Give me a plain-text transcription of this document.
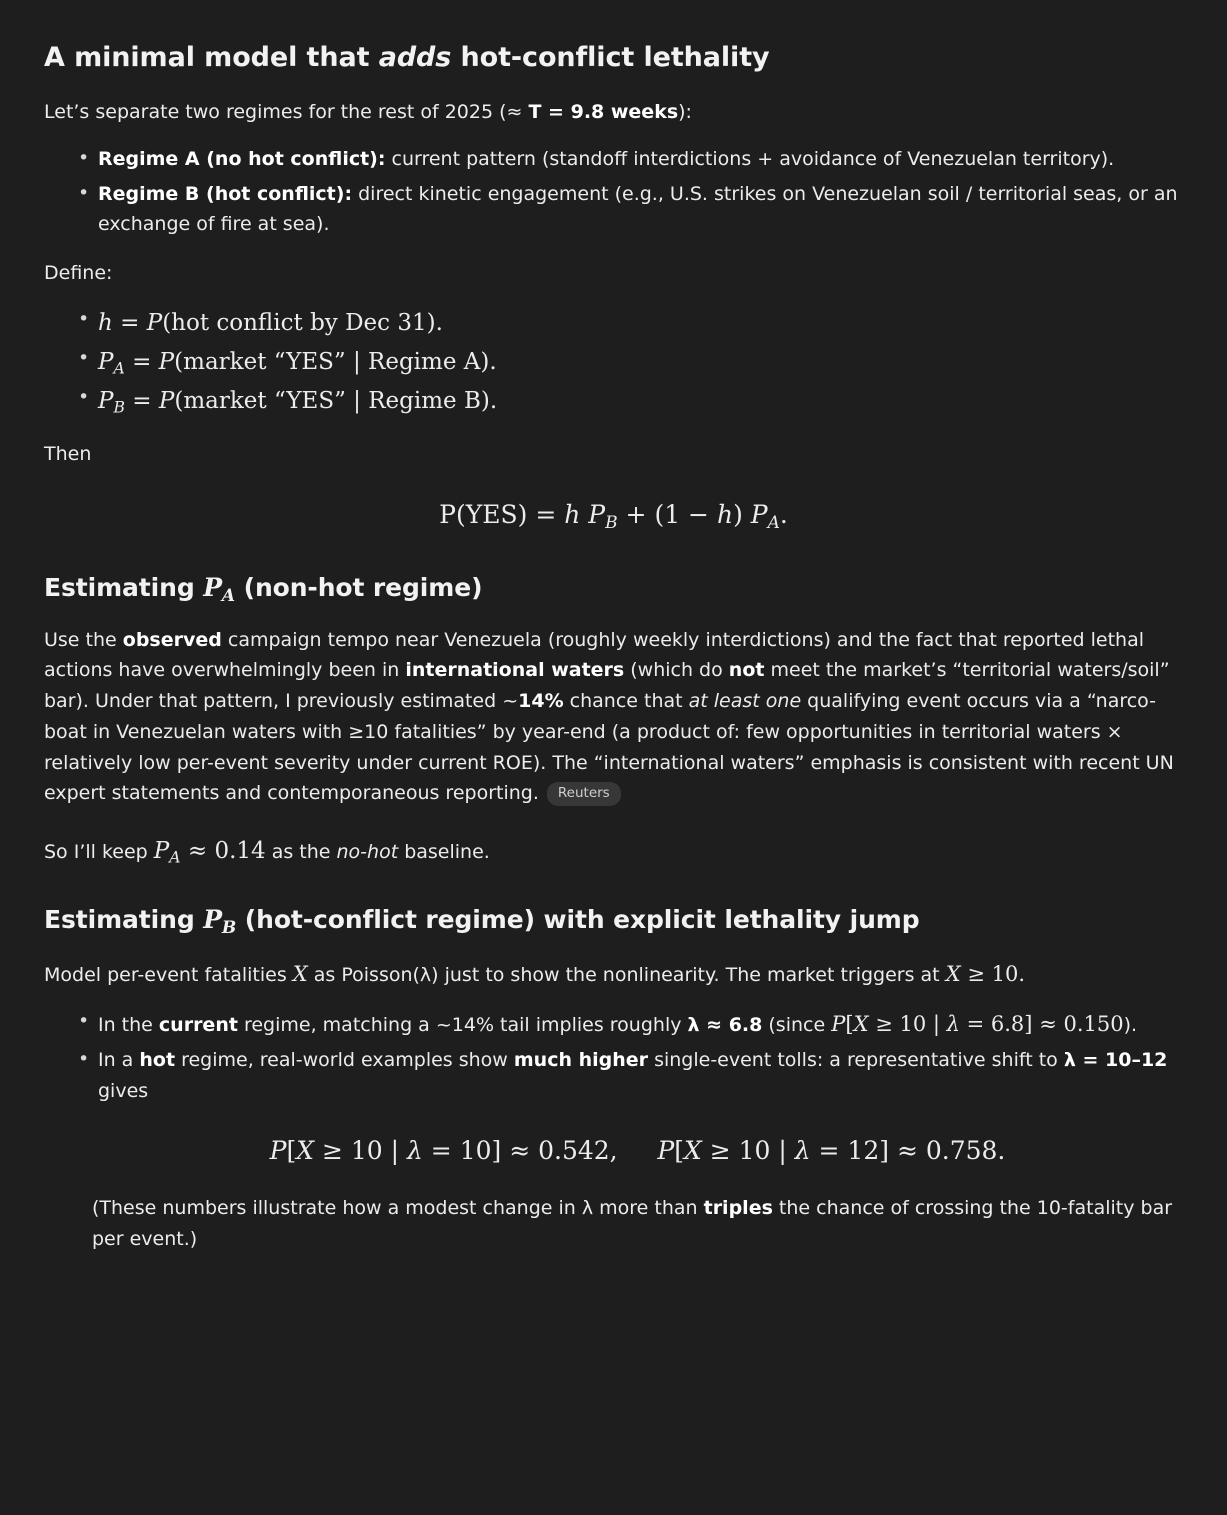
A minimal model that adds hot-conflict lethality

Let’s separate two regimes for the rest of 2025 (≈ T = 9.8 weeks):

• Regime A (no hot conflict): current pattern (standoff interdictions + avoidance of Venezuelan territory).
• Regime B (hot conflict): direct kinetic engagement (e.g., U.S. strikes on Venezuelan soil / territorial seas, or an exchange of fire at sea).

Define:

• h = P(hot conflict by Dec 31).
• $P_A$ = P(market “YES” | Regime A).
• $P_B$ = P(market “YES” | Regime B).

Then

P(YES) = h $P_B + (1 - h)$ $P_A$.
Estimating $P_A$ (non-hot regime)

Use the observed campaign tempo near Venezuela (roughly weekly interdictions) and the fact that reported lethal actions have overwhelmingly been in international waters (which do not meet the market’s “territorial waters/soil” bar). Under that pattern, I previously estimated ~14% chance that at least one qualifying event occurs via a “narco-boat in Venezuelan waters with ≥10 fatalities” by year-end (a product of: few opportunities in territorial waters × relatively low per-event severity under current ROE). The “international waters” emphasis is consistent with recent UN expert statements and contemporaneous reporting. Reuters

So I’ll keep $P_A \approx 0.14$ as the no-hot baseline.

Estimating $P_B$ (hot-conflict regime) with explicit lethality jump

Model per-event fatalities X as Poisson(λ) just to show the nonlinearity. The market triggers at X ≥ 10.

• In the current regime, matching a ~14% tail implies roughly λ ≈ 6.8 (since P[X ≥ 10 | λ = 6.8] ≈ 0.150).
• In a hot regime, real-world examples show much higher single-event tolls: a representative shift to λ = 10–12 gives
P[X ≥ 10 | λ = 10] ≈ 0.542, P[X ≥ 10 | λ = 12] ≈ 0.758.

(These numbers illustrate how a modest change in λ more than triples the chance of crossing the 10-fatality bar per event.)
